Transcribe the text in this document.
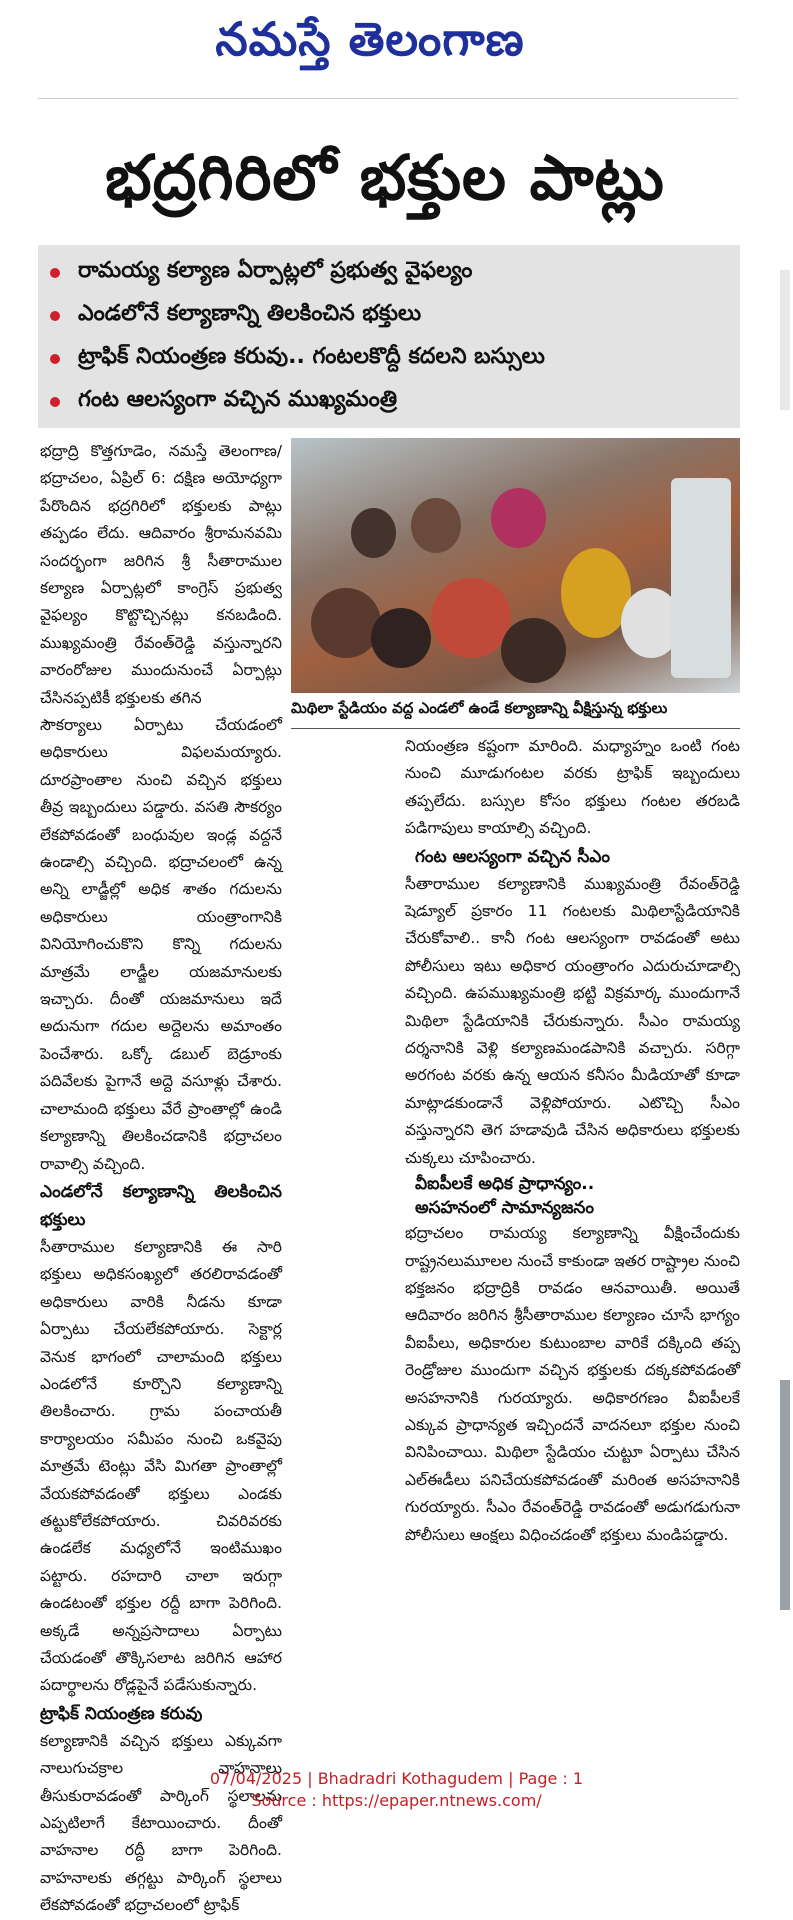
నమస్తే తెలంగాణ
భద్రగిరిలో భక్తుల పాట్లు
రామయ్య కల్యాణ ఏర్పాట్లలో ప్రభుత్వ వైఫల్యం
ఎండలోనే కల్యాణాన్ని తిలకించిన భక్తులు
ట్రాఫిక్ నియంత్రణ కరువు.. గంటలకొద్దీ కదలని బస్సులు
గంట ఆలస్యంగా వచ్చిన ముఖ్యమంత్రి

భద్రాద్రి కొత్తగూడెం, నమస్తే తెలంగాణ/ భద్రాచలం, ఏప్రిల్ 6: దక్షిణ అయోధ్యగా పేరొందిన భద్రగిరిలో భక్తులకు పాట్లు తప్పడం లేదు. ఆదివారం శ్రీరామనవమి సందర్భంగా జరిగిన శ్రీ సీతారాముల కల్యాణ ఏర్పాట్లలో కాంగ్రెస్ ప్రభుత్వ వైఫల్యం కొట్టొచ్చినట్లు కనబడింది. ముఖ్యమంత్రి రేవంత్‌రెడ్డి వస్తున్నారని వారంరోజుల ముందునుంచే ఏర్పాట్లు చేసినప్పటికీ భక్తులకు తగిన

మిథిలా స్టేడియం వద్ద ఎండలో ఉండే కల్యాణాన్ని వీక్షిస్తున్న భక్తులు

సౌకర్యాలు ఏర్పాటు చేయడంలో అధికారులు విఫలమయ్యారు. దూరప్రాంతాల నుంచి వచ్చిన భక్తులు తీవ్ర ఇబ్బందులు పడ్డారు. వసతి సౌకర్యం లేకపోవడంతో బంధువుల ఇండ్ల వద్దనే ఉండాల్సి వచ్చింది. భద్రాచలంలో ఉన్న అన్ని లాడ్జీల్లో అధిక శాతం గదులను అధికారులు యంత్రాంగానికి వినియోగించుకొని కొన్ని గదులను మాత్రమే లాడ్జీల యజమానులకు ఇచ్చారు. దీంతో యజమానులు ఇదే అదునుగా గదుల అద్దెలను అమాంతం పెంచేశారు. ఒక్కో డబుల్ బెడ్రూంకు పదివేలకు పైగానే అద్దె వసూళ్లు చేశారు. చాలామంది భక్తులు వేరే ప్రాంతాల్లో ఉండి కల్యాణాన్ని తిలకించడానికి భద్రాచలం రావాల్సి వచ్చింది.

ఎండలోనే కల్యాణాన్ని తిలకించిన భక్తులు

సీతారాముల కల్యాణానికి ఈ సారి భక్తులు అధికసంఖ్యలో తరలిరావడంతో అధికారులు వారికి నీడను కూడా ఏర్పాటు చేయలేకపోయారు. సెక్టార్ల వెనుక భాగంలో చాలామంది భక్తులు ఎండలోనే కూర్చొని కల్యాణాన్ని తిలకించారు. గ్రామ పంచాయతీ కార్యాలయం సమీపం నుంచి ఒకవైపు మాత్రమే టెంట్లు వేసి మిగతా ప్రాంతాల్లో వేయకపోవడంతో భక్తులు ఎండకు తట్టుకోలేకపోయారు. చివరివరకు ఉండలేక మధ్యలోనే ఇంటిముఖం పట్టారు. రహదారి చాలా ఇరుగ్గా ఉండటంతో భక్తుల రద్దీ బాగా పెరిగింది. అక్కడే అన్నప్రసాదాలు ఏర్పాటు చేయడంతో తొక్కిసలాట జరిగిన ఆహార పదార్థాలను రోడ్లపైనే పడేసుకున్నారు.

ట్రాఫిక్ నియంత్రణ కరువు

కల్యాణానికి వచ్చిన భక్తులు ఎక్కువగా నాలుగుచక్రాల వాహనాలు తీసుకురావడంతో పార్కింగ్ స్థలాలను ఎప్పటిలాగే కేటాయించారు. దీంతో వాహనాల రద్దీ బాగా పెరిగింది. వాహనాలకు తగ్గట్టు పార్కింగ్ స్థలాలు లేకపోవడంతో భద్రాచలంలో ట్రాఫిక్

నియంత్రణ కష్టంగా మారింది. మధ్యాహ్నం ఒంటి గంట నుంచి మూడుగంటల వరకు ట్రాఫిక్ ఇబ్బందులు తప్పలేదు. బస్సుల కోసం భక్తులు గంటల తరబడి పడిగాపులు కాయాల్సి వచ్చింది.

గంట ఆలస్యంగా వచ్చిన సీఎం

సీతారాముల కల్యాణానికి ముఖ్యమంత్రి రేవంత్‌రెడ్డి షెడ్యూల్ ప్రకారం 11 గంటలకు మిథిలాస్టేడియానికి చేరుకోవాలి.. కానీ గంట ఆలస్యంగా రావడంతో అటు పోలీసులు ఇటు అధికార యంత్రాంగం ఎదురుచూడాల్సి వచ్చింది. ఉపముఖ్యమంత్రి భట్టి విక్రమార్క ముందుగానే మిథిలా స్టేడియానికి చేరుకున్నారు. సీఎం రామయ్య దర్శనానికి వెళ్లి కల్యాణమండపానికి వచ్చారు. సరిగ్గా అరగంట వరకు ఉన్న ఆయన కనీసం మీడియాతో కూడా మాట్లాడకుండానే వెళ్లిపోయారు. ఎటొచ్చి సీఎం వస్తున్నారని తెగ హడావుడి చేసిన అధికారులు భక్తులకు చుక్కలు చూపించారు.

వీఐపీలకే అధిక ప్రాధాన్యం..

అసహనంలో సామాన్యజనం

భద్రాచలం రామయ్య కల్యాణాన్ని వీక్షించేందుకు రాష్ట్రనలుమూలల నుంచే కాకుండా ఇతర రాష్ట్రాల నుంచి భక్తజనం భద్రాద్రికి రావడం ఆనవాయితీ. అయితే ఆదివారం జరిగిన శ్రీసీతారాముల కల్యాణం చూసే భాగ్యం వీఐపీలు, అధికారుల కుటుంబాల వారికే దక్కింది తప్ప రెండ్రోజుల ముందుగా వచ్చిన భక్తులకు దక్కకపోవడంతో అసహనానికి గురయ్యారు. అధికారగణం వీఐపీలకే ఎక్కువ ప్రాధాన్యత ఇచ్చిందనే వాదనలూ భక్తుల నుంచి వినిపించాయి. మిథిలా స్టేడియం చుట్టూ ఏర్పాటు చేసిన ఎల్ఈడీలు పనిచేయకపోవడంతో మరింత అసహనానికి గురయ్యారు. సీఎం రేవంత్‌రెడ్డి రావడంతో అడుగడుగునా పోలీసులు ఆంక్షలు విధించడంతో భక్తులు మండిపడ్డారు.

07/04/2025 | Bhadradri Kothagudem | Page : 1
Source : https://epaper.ntnews.com/
